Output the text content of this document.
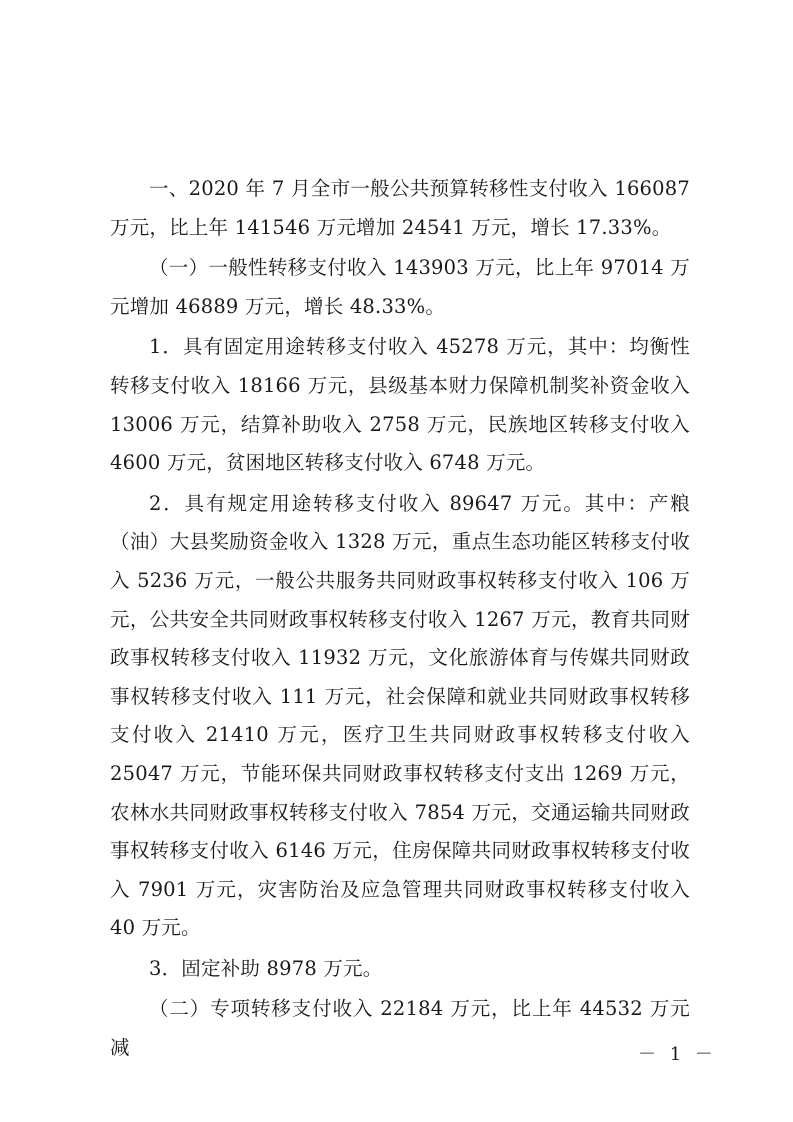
一、2020 年 7 月全市一般公共预算转移性支付收入 166087 万元，比上年 141546 万元增加 24541 万元，增长 17.33%。

（一）一般性转移支付收入 143903 万元，比上年 97014 万元增加 46889 万元，增长 48.33%。

1．具有固定用途转移支付收入 45278 万元，其中：均衡性转移支付收入 18166 万元，县级基本财力保障机制奖补资金收入 13006 万元，结算补助收入 2758 万元，民族地区转移支付收入 4600 万元，贫困地区转移支付收入 6748 万元。

2．具有规定用途转移支付收入 89647 万元。其中：产粮（油）大县奖励资金收入 1328 万元，重点生态功能区转移支付收入 5236 万元，一般公共服务共同财政事权转移支付收入 106 万元，公共安全共同财政事权转移支付收入 1267 万元，教育共同财政事权转移支付收入 11932 万元，文化旅游体育与传媒共同财政事权转移支付收入 111 万元，社会保障和就业共同财政事权转移支付收入 21410 万元，医疗卫生共同财政事权转移支付收入 25047 万元，节能环保共同财政事权转移支付支出 1269 万元，农林水共同财政事权转移支付收入 7854 万元，交通运输共同财政事权转移支付收入 6146 万元，住房保障共同财政事权转移支付收入 7901 万元，灾害防治及应急管理共同财政事权转移支付收入 40 万元。

3．固定补助 8978 万元。

（二）专项转移支付收入 22184 万元，比上年 44532 万元减	－ 1 －
